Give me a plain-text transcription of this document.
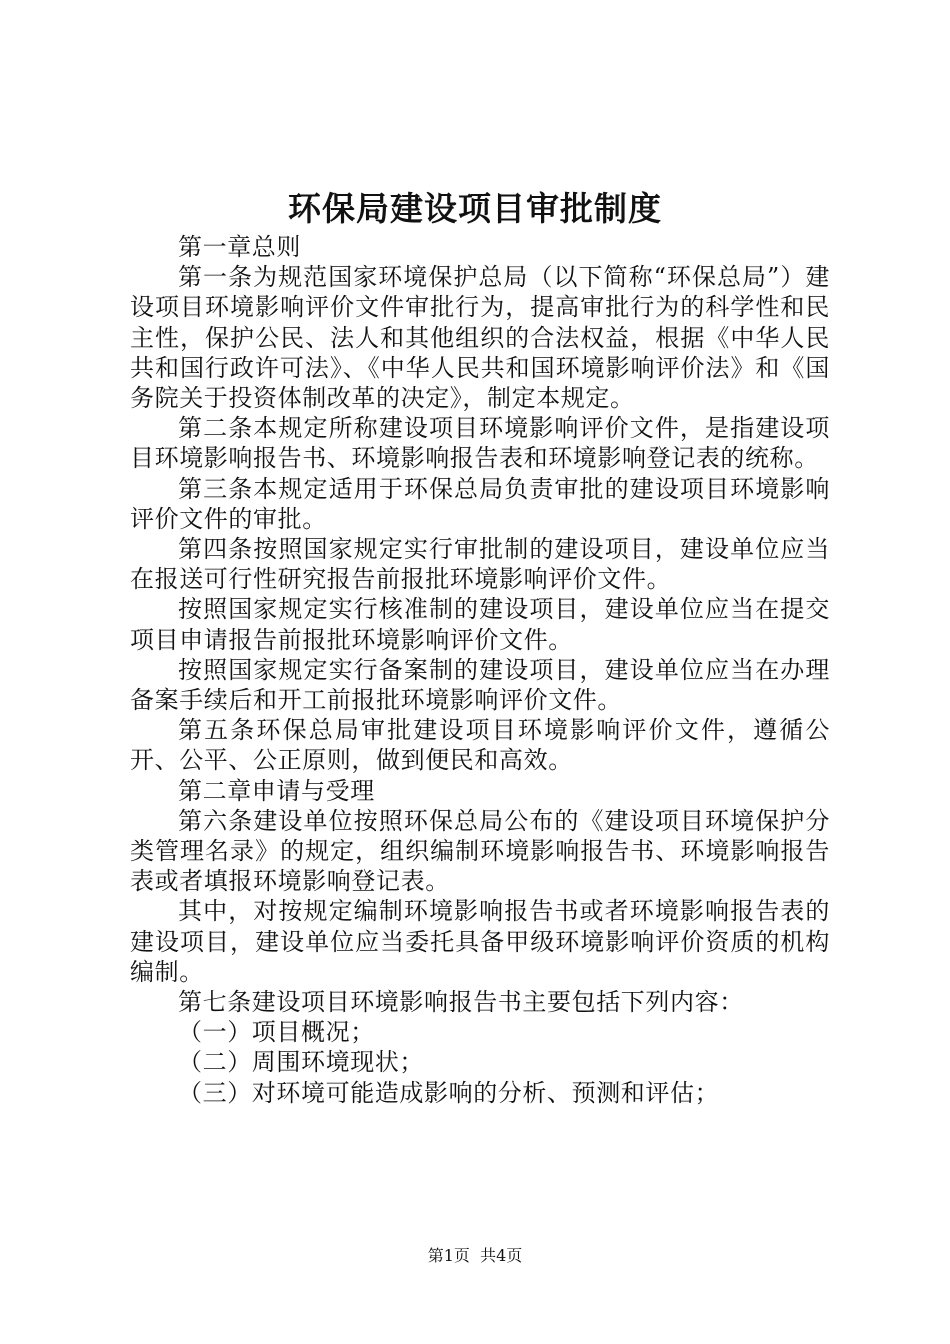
环保局建设项目审批制度

第一章总则

第一条为规范国家环境保护总局（以下简称“环保总局”）建设项目环境影响评价文件审批行为，提高审批行为的科学性和民主性，保护公民、法人和其他组织的合法权益，根据《中华人民共和国行政许可法》、《中华人民共和国环境影响评价法》和《国务院关于投资体制改革的决定》，制定本规定。

第二条本规定所称建设项目环境影响评价文件，是指建设项目环境影响报告书、环境影响报告表和环境影响登记表的统称。

第三条本规定适用于环保总局负责审批的建设项目环境影响评价文件的审批。

第四条按照国家规定实行审批制的建设项目，建设单位应当在报送可行性研究报告前报批环境影响评价文件。

按照国家规定实行核准制的建设项目，建设单位应当在提交项目申请报告前报批环境影响评价文件。

按照国家规定实行备案制的建设项目，建设单位应当在办理备案手续后和开工前报批环境影响评价文件。

第五条环保总局审批建设项目环境影响评价文件，遵循公开、公平、公正原则，做到便民和高效。

第二章申请与受理

第六条建设单位按照环保总局公布的《建设项目环境保护分类管理名录》的规定，组织编制环境影响报告书、环境影响报告表或者填报环境影响登记表。

其中，对按规定编制环境影响报告书或者环境影响报告表的建设项目，建设单位应当委托具备甲级环境影响评价资质的机构编制。

第七条建设项目环境影响报告书主要包括下列内容：

（一）项目概况；

（二）周围环境现状；

（三）对环境可能造成影响的分析、预测和评估；

第1页  共4页
